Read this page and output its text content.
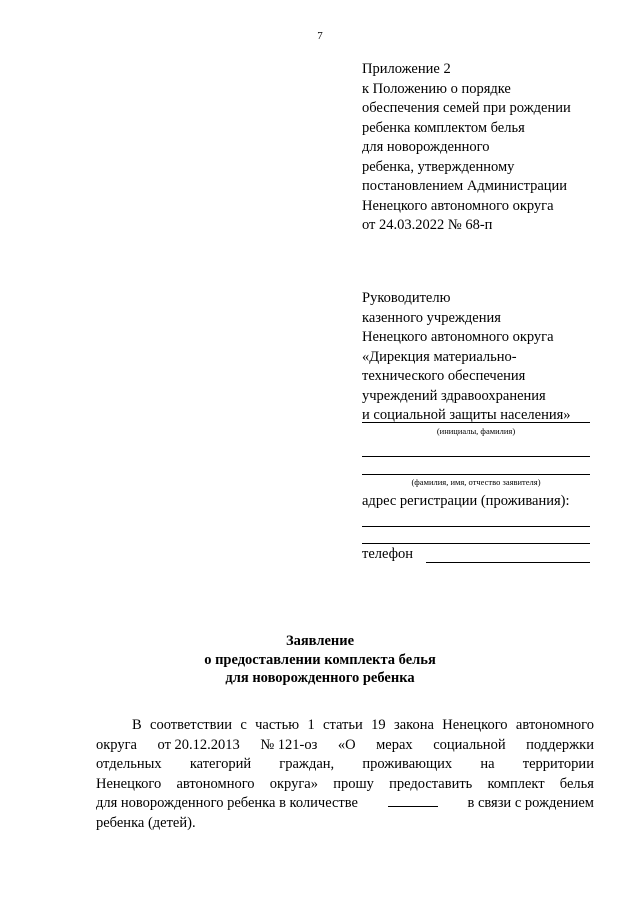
7
Приложение 2
к Положению о порядке
обеспечения семей при рождении
ребенка комплектом белья
для новорожденного
ребенка, утвержденному
постановлением Администрации
Ненецкого автономного округа
от 24.03.2022 № 68-п
Руководителю
казенного учреждения
Ненецкого автономного округа
«Дирекция материально-
технического обеспечения
учреждений здравоохранения
и социальной защиты населения»
(инициалы, фамилия)
(фамилия, имя, отчество заявителя)
адрес регистрации (проживания):
телефон
Заявление
о предоставлении комплекта белья
для новорожденного ребенка
В соответствии с частью 1 статьи 19 закона Ненецкого автономного
округа от 20.12.2013 № 121-оз «О мерах социальной поддержки
отдельных категорий граждан, проживающих на территории
Ненецкого автономного округа» прошу предоставить комплект белья
для новорожденного ребенка в количестве	в связи с рождением
ребенка (детей).
